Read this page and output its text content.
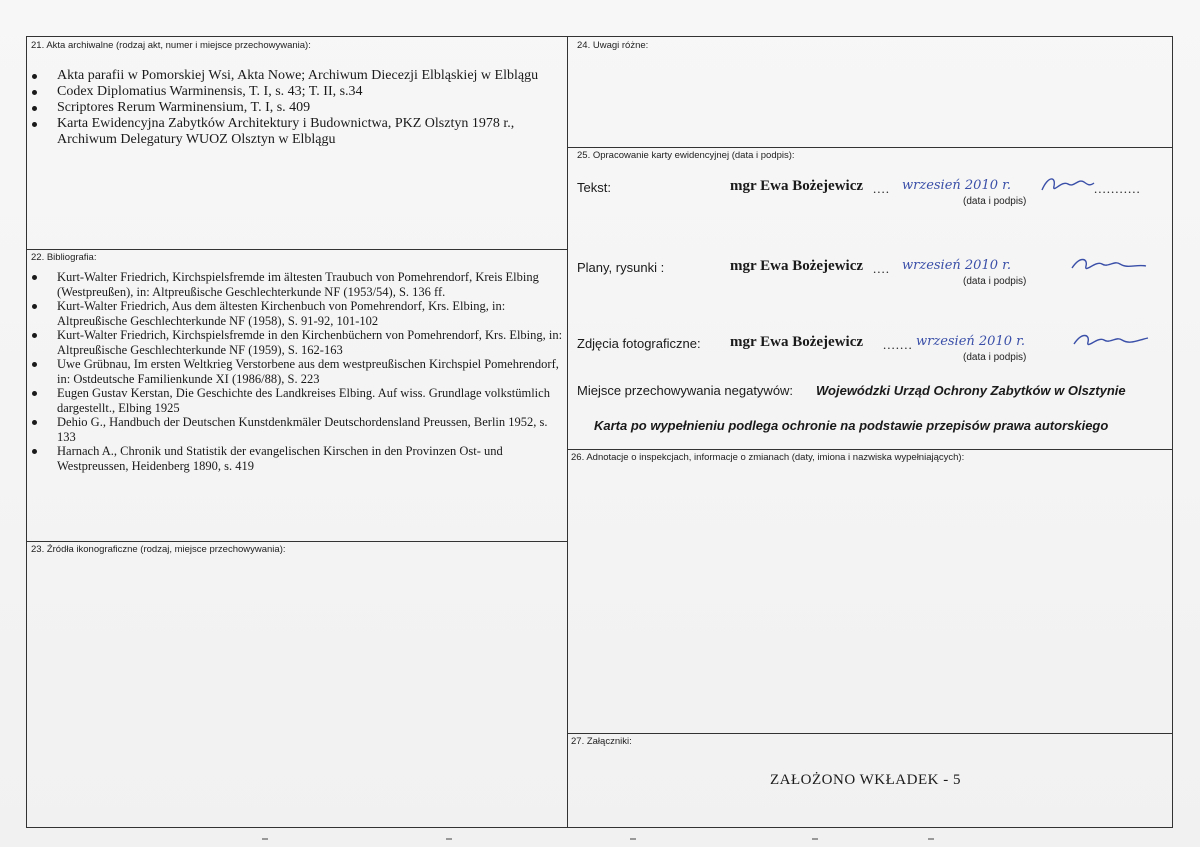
21. Akta archiwalne (rodzaj akt, numer i miejsce przechowywania):
Akta parafii w Pomorskiej Wsi, Akta Nowe; Archiwum Diecezji Elbląskiej w Elblągu
Codex Diplomatius Warminensis, T. I, s. 43; T. II, s.34
Scriptores Rerum Warminensium, T. I, s. 409
Karta Ewidencyjna Zabytków Architektury i Budownictwa, PKZ Olsztyn 1978 r., Archiwum Delegatury WUOZ Olsztyn w Elblągu
22. Bibliografia:
Kurt-Walter Friedrich, Kirchspielsfremde im ältesten Traubuch von Pomehrendorf, Kreis Elbing (Westpreußen), in: Altpreußische Geschlechterkunde NF (1953/54), S. 136 ff.
Kurt-Walter Friedrich, Aus dem ältesten Kirchenbuch von Pomehrendorf, Krs. Elbing, in: Altpreußische Geschlechterkunde NF (1958), S. 91-92, 101-102
Kurt-Walter Friedrich, Kirchspielsfremde in den Kirchenbüchern von Pomehrendorf, Krs. Elbing, in: Altpreußische Geschlechterkunde NF (1959), S. 162-163
Uwe Grübnau, Im ersten Weltkrieg Verstorbene aus dem westpreußischen Kirchspiel Pomehrendorf, in: Ostdeutsche Familienkunde XI (1986/88), S. 223
Eugen Gustav Kerstan, Die Geschichte des Landkreises Elbing. Auf wiss. Grundlage volkstümlich dargestellt., Elbing 1925
Dehio G., Handbuch der Deutschen Kunstdenkmäler Deutschordensland Preussen, Berlin 1952, s. 133
Harnach A., Chronik und Statistik der evangelischen Kirschen in den Provinzen Ost- und Westpreussen, Heidenberg 1890, s. 419
23. Źródła ikonograficzne (rodzaj, miejsce przechowywania):
24. Uwagi różne:
25. Opracowanie karty ewidencyjnej (data i podpis):
Tekst:	mgr Ewa Bożejewicz .... wrzesień 2010 r.	...........
(data i podpis)
Plany, rysunki :	mgr Ewa Bożejewicz .... wrzesień 2010 r.
(data i podpis)
Zdjęcia fotograficzne: mgr Ewa Bożejewicz ....... wrzesień 2010 r.
(data i podpis)
Miejsce przechowywania negatywów: Wojewódzki Urząd Ochrony Zabytków w Olsztynie
Karta po wypełnieniu podlega ochronie na podstawie przepisów prawa autorskiego
26. Adnotacje o inspekcjach, informacje o zmianach (daty, imiona i nazwiska wypełniających):
27. Załączniki:
ZAŁOŻONO WKŁADEK - 5
